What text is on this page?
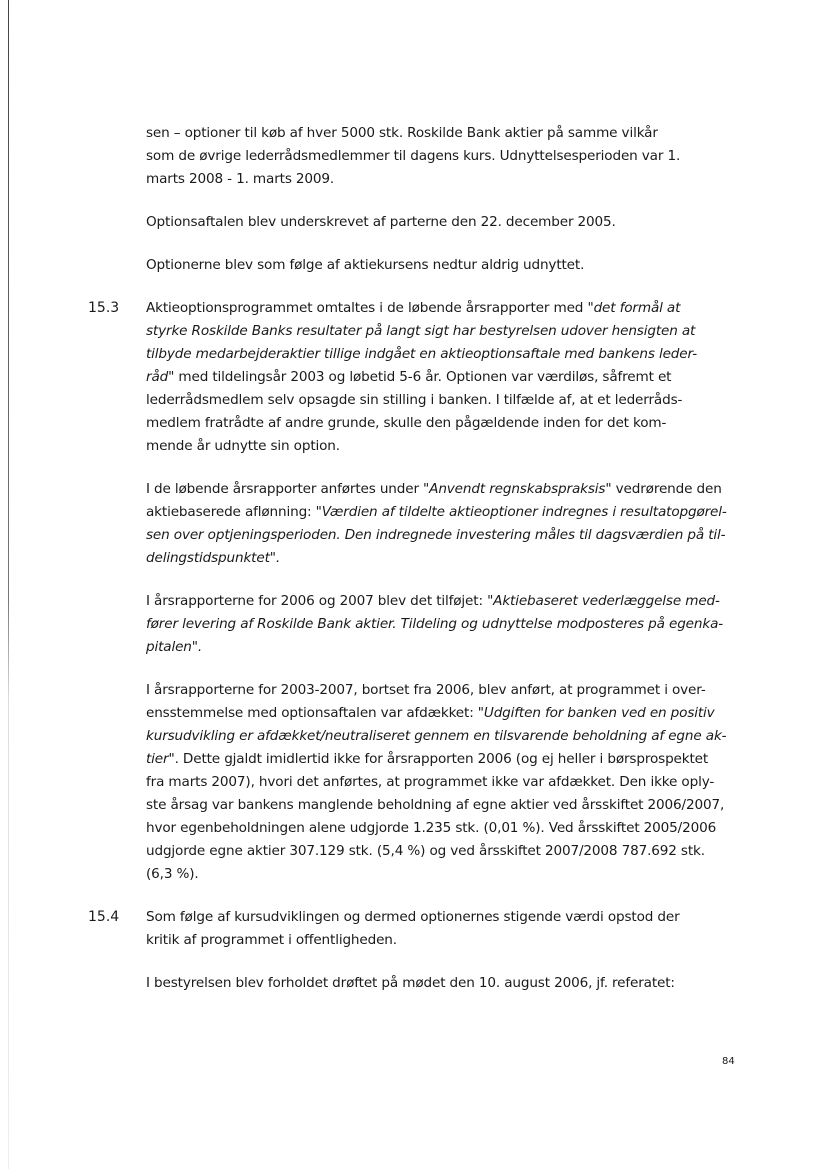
sen – optioner til køb af hver 5000 stk. Roskilde Bank aktier på samme vilkår
som de øvrige lederrådsmedlemmer til dagens kurs. Udnyttelsesperioden var 1.
marts 2008 - 1. marts 2009.
Optionsaftalen blev underskrevet af parterne den 22. december 2005.
Optionerne blev som følge af aktiekursens nedtur aldrig udnyttet.
15.3 Aktieoptionsprogrammet omtaltes i de løbende årsrapporter med "det formål at
styrke Roskilde Banks resultater på langt sigt har bestyrelsen udover hensigten at
tilbyde medarbejderaktier tillige indgået en aktieoptionsaftale med bankens leder-
råd" med tildelingsår 2003 og løbetid 5-6 år. Optionen var værdiløs, såfremt et
lederrådsmedlem selv opsagde sin stilling i banken. I tilfælde af, at et lederråds-
medlem fratrådte af andre grunde, skulle den pågældende inden for det kom-
mende år udnytte sin option.
I de løbende årsrapporter anførtes under "Anvendt regnskabspraksis" vedrørende den
aktiebaserede aflønning: "Værdien af tildelte aktieoptioner indregnes i resultatopgørel-
sen over optjeningsperioden. Den indregnede investering måles til dagsværdien på til-
delingstidspunktet".
I årsrapporterne for 2006 og 2007 blev det tilføjet: "Aktiebaseret vederlæggelse med-
fører levering af Roskilde Bank aktier. Tildeling og udnyttelse modposteres på egenka-
pitalen".
I årsrapporterne for 2003-2007, bortset fra 2006, blev anført, at programmet i over-
ensstemmelse med optionsaftalen var afdækket: "Udgiften for banken ved en positiv
kursudvikling er afdækket/neutraliseret gennem en tilsvarende beholdning af egne ak-
tier". Dette gjaldt imidlertid ikke for årsrapporten 2006 (og ej heller i børsprospektet
fra marts 2007), hvori det anførtes, at programmet ikke var afdækket. Den ikke oply-
ste årsag var bankens manglende beholdning af egne aktier ved årsskiftet 2006/2007,
hvor egenbeholdningen alene udgjorde 1.235 stk. (0,01 %). Ved årsskiftet 2005/2006
udgjorde egne aktier 307.129 stk. (5,4 %) og ved årsskiftet 2007/2008 787.692 stk.
(6,3 %).
15.4 Som følge af kursudviklingen og dermed optionernes stigende værdi opstod der
kritik af programmet i offentligheden.
I bestyrelsen blev forholdet drøftet på mødet den 10. august 2006, jf. referatet:
84
